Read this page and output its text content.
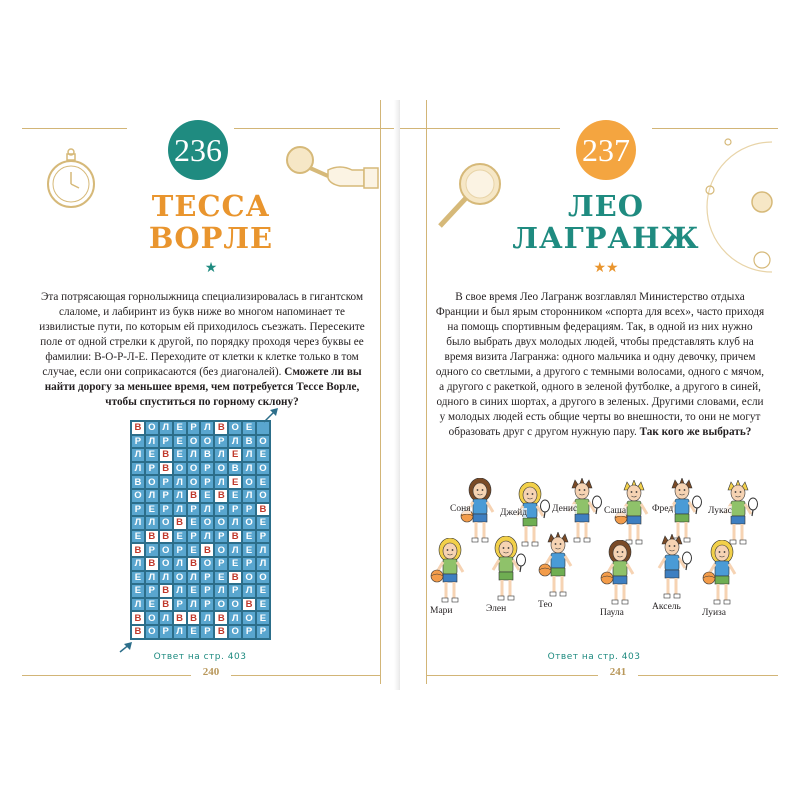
236
ТЕССА
ВОРЛЕ
★
Эта потрясающая горнолыжница специализировалась в гигантском слаломе, и лабиринт из букв ниже во многом напоминает те извилистые пути, по которым ей приходилось съезжать. Пересеките поле от одной стрелки к другой, по порядку проходя через буквы ее фамилии: В-О-Р-Л-Е. Переходите от клетки к клетке только в том случае, если они соприкасаются (без диагоналей). Сможете ли вы найти дорогу за меньшее время, чем потребуется Тессе Ворле, чтобы спуститься по горному склону?
В О Л Е Р Л В О Е
Р Л Р Е О О Р Л В О
Л Е В Е Л В Л Е Л Е
Л Р В О О Р О В Л О
В О Р Л О Р Л Е О Е
О Л Р Л В Е В Е Л О
Р Е Р Л Р Л Р Р Р В
Л Л О В Е О О Л О Е
Е В В Е Р Л Р В Е Р
В Р О Р Е В О Л Е Л
Л В О Л В О Р Е Р Л
Е Л Л О Л Р Е В О О
Е Р В Л Е Р Л Р Л Е
Л Е В Р Л Р О О В Е
В О Л В В Л В Л О Е
В О Р Л Е Р В О Р Р
Ответ на стр. 403
240
237
ЛЕО
ЛАГРАНЖ
★★
В свое время Лео Лагранж возглавлял Министерство отдыха Франции и был ярым сторонником «спорта для всех», часто приходя на помощь спортивным федерациям. Так, в одной из них нужно было выбрать двух молодых людей, чтобы представлять клуб на время визита Лагранжа: одного мальчика и одну девочку, причем одного со светлыми, а другого с темными волосами, одного с мячом, а другого с ракеткой, одного в зеленой футболке, а другого в синей, одного в синих шортах, а другого в зеленых. Другими словами, если у молодых людей есть общие черты во внешности, то они не могут образовать друг с другом нужную пару. Так кого же выбрать?
Соня	Джейд	Денис	Саша	Фред	Лукас
Мари	Элен	Тео
Паула
Аксель
Луиза
Ответ на стр. 403
241
